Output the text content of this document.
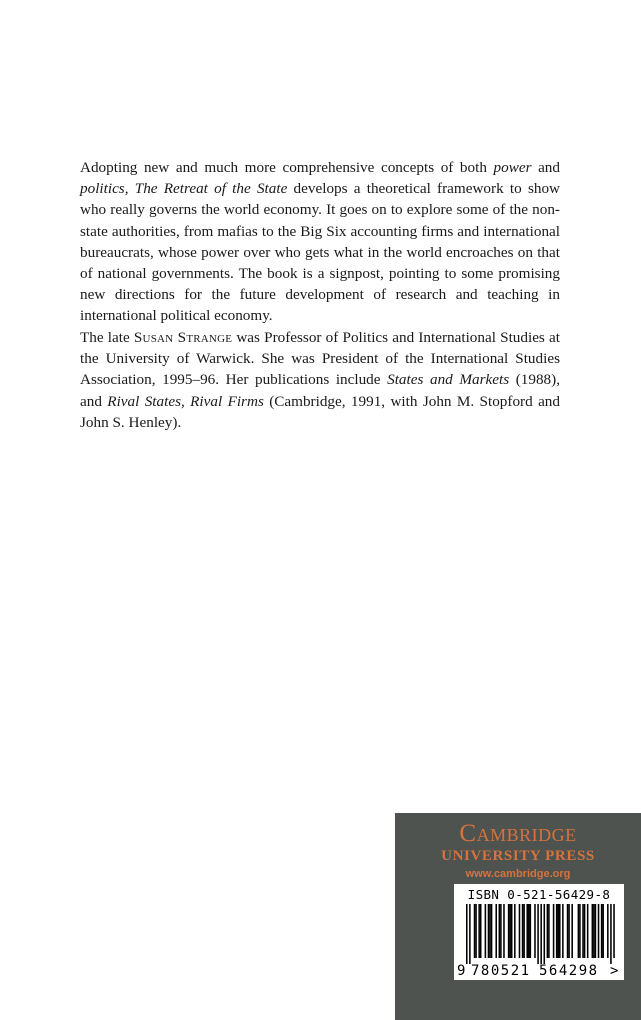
Adopting new and much more comprehensive concepts of both power and politics, The Retreat of the State develops a theoretical framework to show who really governs the world economy. It goes on to explore some of the non-state authorities, from mafias to the Big Six accounting firms and international bureaucrats, whose power over who gets what in the world encroaches on that of national governments. The book is a signpost, pointing to some promising new directions for the future development of research and teaching in international political economy.

The late Susan Strange was Professor of Politics and International Studies at the University of Warwick. She was President of the International Studies Association, 1995–96. Her publications include States and Markets (1988), and Rival States, Rival Firms (Cambridge, 1991, with John M. Stopford and John S. Henley).

Cambridge
UNIVERSITY PRESS
www.cambridge.org
ISBN 0-521-56429-8
9 780521 564298 >
